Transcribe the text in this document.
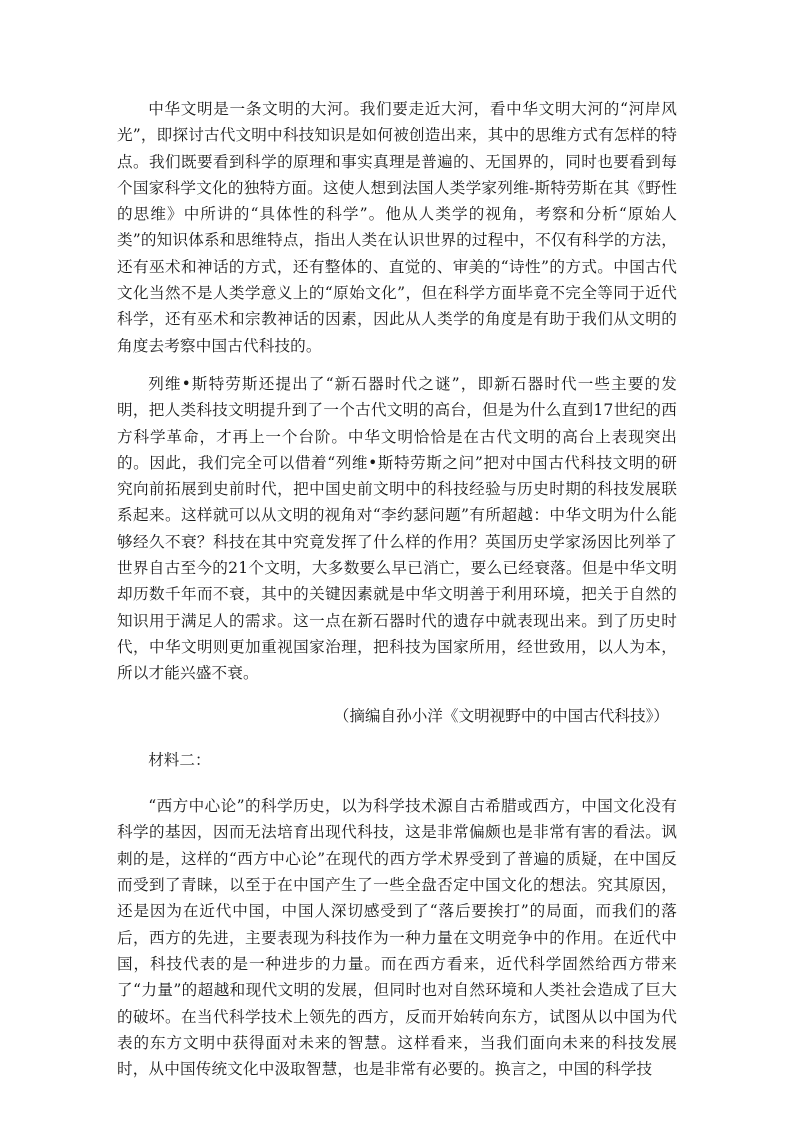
中华文明是一条文明的大河。我们要走近大河，看中华文明大河的“河岸风光”，即探讨古代文明中科技知识是如何被创造出来，其中的思维方式有怎样的特点。我们既要看到科学的原理和事实真理是普遍的、无国界的，同时也要看到每个国家科学文化的独特方面。这使人想到法国人类学家列维-斯特劳斯在其《野性的思维》中所讲的“具体性的科学”。他从人类学的视角，考察和分析“原始人类”的知识体系和思维特点，指出人类在认识世界的过程中，不仅有科学的方法，还有巫术和神话的方式，还有整体的、直觉的、审美的“诗性”的方式。中国古代文化当然不是人类学意义上的“原始文化”，但在科学方面毕竟不完全等同于近代科学，还有巫术和宗教神话的因素，因此从人类学的角度是有助于我们从文明的角度去考察中国古代科技的。

列维•斯特劳斯还提出了“新石器时代之谜”，即新石器时代一些主要的发明，把人类科技文明提升到了一个古代文明的高台，但是为什么直到17世纪的西方科学革命，才再上一个台阶。中华文明恰恰是在古代文明的高台上表现突出的。因此，我们完全可以借着“列维•斯特劳斯之问”把对中国古代科技文明的研究向前拓展到史前时代，把中国史前文明中的科技经验与历史时期的科技发展联系起来。这样就可以从文明的视角对“李约瑟问题”有所超越：中华文明为什么能够经久不衰？科技在其中究竟发挥了什么样的作用？英国历史学家汤因比列举了世界自古至今的21个文明，大多数要么早已消亡，要么已经衰落。但是中华文明却历数千年而不衰，其中的关键因素就是中华文明善于利用环境，把关于自然的知识用于满足人的需求。这一点在新石器时代的遗存中就表现出来。到了历史时代，中华文明则更加重视国家治理，把科技为国家所用，经世致用，以人为本，所以才能兴盛不衰。

（摘编自孙小洋《文明视野中的中国古代科技》）

材料二：

“西方中心论”的科学历史，以为科学技术源自古希腊或西方，中国文化没有科学的基因，因而无法培育出现代科技，这是非常偏颇也是非常有害的看法。讽刺的是，这样的“西方中心论”在现代的西方学术界受到了普遍的质疑，在中国反而受到了青睐，以至于在中国产生了一些全盘否定中国文化的想法。究其原因，还是因为在近代中国，中国人深切感受到了“落后要挨打”的局面，而我们的落后，西方的先进，主要表现为科技作为一种力量在文明竞争中的作用。在近代中国，科技代表的是一种进步的力量。而在西方看来，近代科学固然给西方带来了“力量”的超越和现代文明的发展，但同时也对自然环境和人类社会造成了巨大的破坏。在当代科学技术上领先的西方，反而开始转向东方，试图从以中国为代表的东方文明中获得面对未来的智慧。这样看来，当我们面向未来的科技发展时，从中国传统文化中汲取智慧，也是非常有必要的。换言之，中国的科学技
